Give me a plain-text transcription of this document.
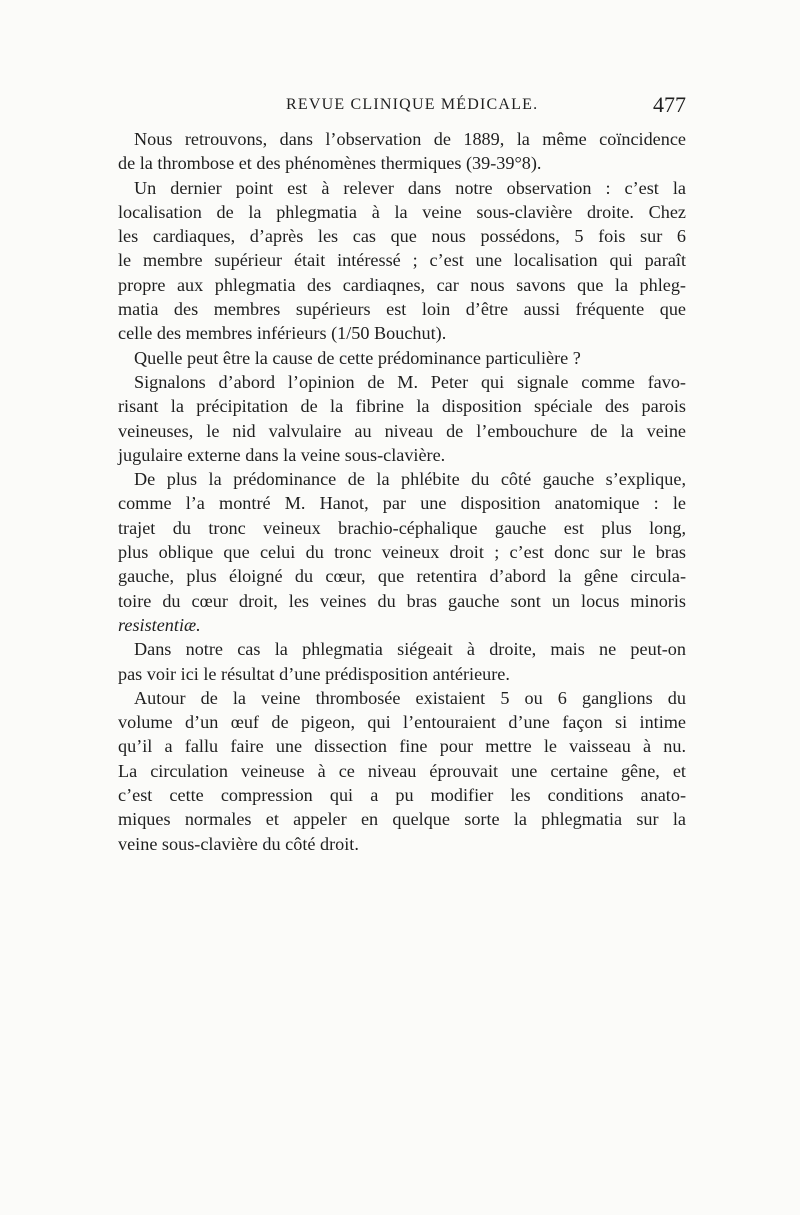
REVUE CLINIQUE MÉDICALE.	477

Nous retrouvons, dans l’observation de 1889, la même coïncidence
de la thrombose et des phénomènes thermiques (39-39°8).

Un dernier point est à relever dans notre observation : c’est la
localisation de la phlegmatia à la veine sous-clavière droite. Chez
les cardiaques, d’après les cas que nous possédons, 5 fois sur 6
le membre supérieur était intéressé ; c’est une localisation qui paraît
propre aux phlegmatia des cardiaqnes, car nous savons que la phleg-
matia des membres supérieurs est loin d’être aussi fréquente que
celle des membres inférieurs (1/50 Bouchut).

Quelle peut être la cause de cette prédominance particulière ?

Signalons d’abord l’opinion de M. Peter qui signale comme favo-
risant la précipitation de la fibrine la disposition spéciale des parois
veineuses, le nid valvulaire au niveau de l’embouchure de la veine
jugulaire externe dans la veine sous-clavière.

De plus la prédominance de la phlébite du côté gauche s’explique,
comme l’a montré M. Hanot, par une disposition anatomique : le
trajet du tronc veineux brachio-céphalique gauche est plus long,
plus oblique que celui du tronc veineux droit ; c’est donc sur le bras
gauche, plus éloigné du cœur, que retentira d’abord la gêne circula-
toire du cœur droit, les veines du bras gauche sont un locus minoris
resistentiæ.

Dans notre cas la phlegmatia siégeait à droite, mais ne peut-on
pas voir ici le résultat d’une prédisposition antérieure.

Autour de la veine thrombosée existaient 5 ou 6 ganglions du
volume d’un œuf de pigeon, qui l’entouraient d’une façon si intime
qu’il a fallu faire une dissection fine pour mettre le vaisseau à nu.
La circulation veineuse à ce niveau éprouvait une certaine gêne, et
c’est cette compression qui a pu modifier les conditions anato-
miques normales et appeler en quelque sorte la phlegmatia sur la
veine sous-clavière du côté droit.
